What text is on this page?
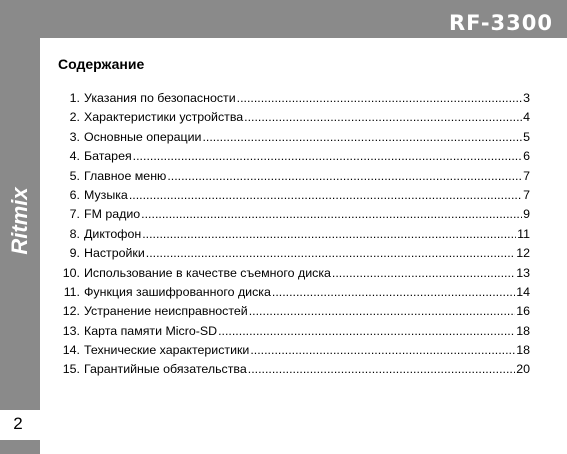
RF-3300
Ritmix
2
Содержание
1. Указания по безопасности .....	3
2. Характеристики устройства .....	4
3. Основные операции .....	5
4. Батарея .....	6
5. Главное меню .....	7
6. Музыка .....	7
7. FM радио .....	9
8. Диктофон .....	11
9. Настройки .....	12
10. Использование в качестве съемного диска .....	13
11. Функция зашифрованного диска .....	14
12. Устранение неисправностей .....	16
13. Карта памяти Micro-SD .....	18
14. Технические характеристики .....	18
15. Гарантийные обязательства .....	20
